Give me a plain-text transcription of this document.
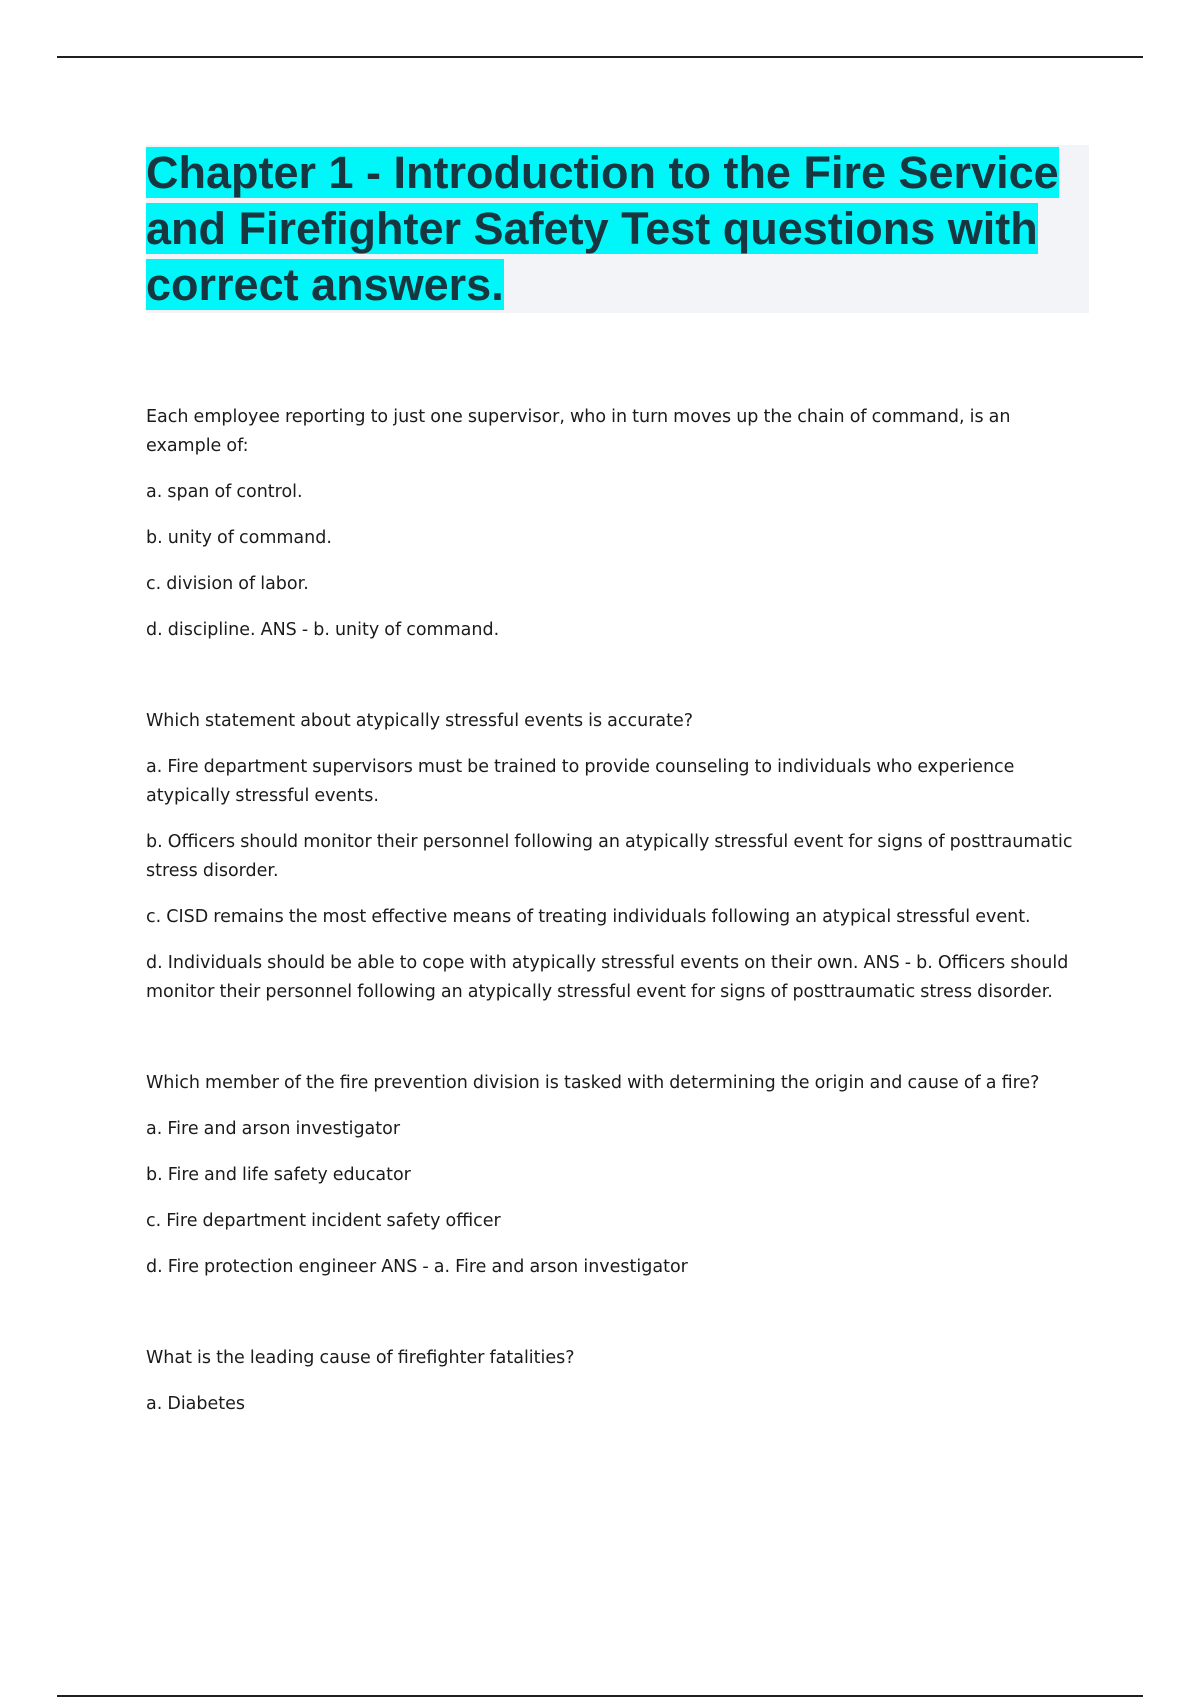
Chapter 1 - Introduction to the Fire Service and Firefighter Safety Test questions with correct answers.

Each employee reporting to just one supervisor, who in turn moves up the chain of command, is an example of:

a. span of control.

b. unity of command.

c. division of labor.

d. discipline. ANS - b. unity of command.

Which statement about atypically stressful events is accurate?

a. Fire department supervisors must be trained to provide counseling to individuals who experience atypically stressful events.

b. Officers should monitor their personnel following an atypically stressful event for signs of posttraumatic stress disorder.

c. CISD remains the most effective means of treating individuals following an atypical stressful event.

d. Individuals should be able to cope with atypically stressful events on their own. ANS - b. Officers should monitor their personnel following an atypically stressful event for signs of posttraumatic stress disorder.

Which member of the fire prevention division is tasked with determining the origin and cause of a fire?

a. Fire and arson investigator

b. Fire and life safety educator

c. Fire department incident safety officer

d. Fire protection engineer ANS - a. Fire and arson investigator

What is the leading cause of firefighter fatalities?

a. Diabetes
